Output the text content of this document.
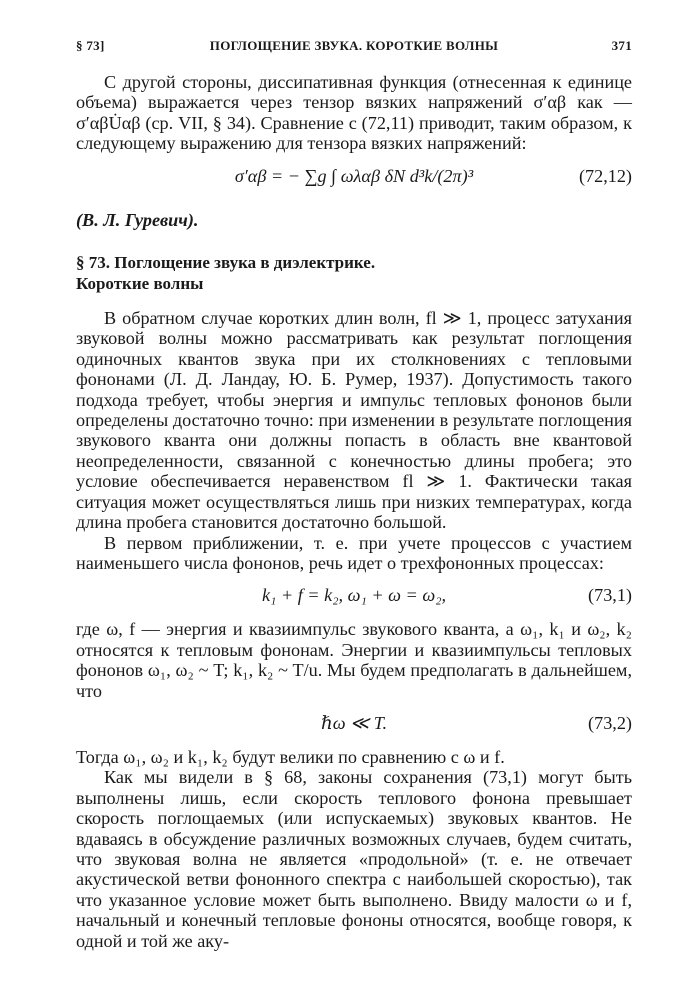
§ 73]	ПОГЛОЩЕНИЕ ЗВУКА. КОРОТКИЕ ВОЛНЫ	371

С другой стороны, диссипативная функция (отнесенная к единице объема) выражается через тензор вязких напряжений σ′αβ как —σ′αβU̇αβ (ср. VII, § 34). Сравнение с (72,11) приводит, таким образом, к следующему выражению для тензора вязких напряжений:

σ′αβ = − ∑g ∫ ωλαβ δN d³k/(2π)³	(72,12)

(В. Л. Гуревич).

§ 73. Поглощение звука в диэлектрике.
Короткие волны

В обратном случае коротких длин волн, fl ≫ 1, процесс затухания звуковой волны можно рассматривать как результат поглощения одиночных квантов звука при их столкновениях с тепловыми фононами (Л. Д. Ландау, Ю. Б. Румер, 1937). Допустимость такого подхода требует, чтобы энергия и импульс тепловых фононов были определены достаточно точно: при изменении в результате поглощения звукового кванта они должны попасть в область вне квантовой неопределенности, связанной с конечностью длины пробега; это условие обеспечивается неравенством fl ≫ 1. Фактически такая ситуация может осуществляться лишь при низких температурах, когда длина пробега становится достаточно большой.

В первом приближении, т. е. при учете процессов с участием наименьшего числа фононов, речь идет о трехфононных процессах:

k₁ + f = k₂, ω₁ + ω = ω₂,	(73,1)

где ω, f — энергия и квазиимпульс звукового кванта, а ω₁, k₁ и ω₂, k₂ относятся к тепловым фононам. Энергии и квазиимпульсы тепловых фононов ω₁, ω₂ ~ T; k₁, k₂ ~ T/u. Мы будем предполагать в дальнейшем, что

ℏω ≪ T.	(73,2)

Тогда ω₁, ω₂ и k₁, k₂ будут велики по сравнению с ω и f.

Как мы видели в § 68, законы сохранения (73,1) могут быть выполнены лишь, если скорость теплового фонона превышает скорость поглощаемых (или испускаемых) звуковых квантов. Не вдаваясь в обсуждение различных возможных случаев, будем считать, что звуковая волна не является «продольной» (т. е. не отвечает акустической ветви фононного спектра с наибольшей скоростью), так что указанное условие может быть выполнено. Ввиду малости ω и f, начальный и конечный тепловые фононы относятся, вообще говоря, к одной и той же аку-
